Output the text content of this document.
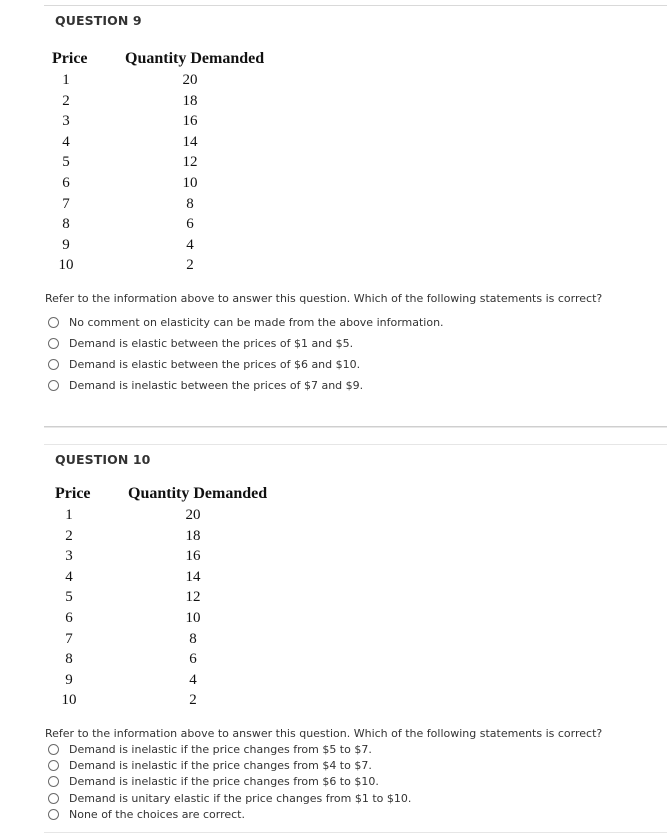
QUESTION 9
Price Quantity Demanded
1
2
3
4
5
6
7
8
9
10
20
18
16
14
12
10
8
6
4
2
Refer to the information above to answer this question. Which of the following statements is correct?
No comment on elasticity can be made from the above information.
Demand is elastic between the prices of $1 and $5.
Demand is elastic between the prices of $6 and $10.
Demand is inelastic between the prices of $7 and $9.
QUESTION 10
Price Quantity Demanded
1
2
3
4
5
6
7
8
9
10
20
18
16
14
12
10
8
6
4
2
Refer to the information above to answer this question. Which of the following statements is correct?
Demand is inelastic if the price changes from $5 to $7.
Demand is inelastic if the price changes from $4 to $7.
Demand is inelastic if the price changes from $6 to $10.
Demand is unitary elastic if the price changes from $1 to $10.
None of the choices are correct.
